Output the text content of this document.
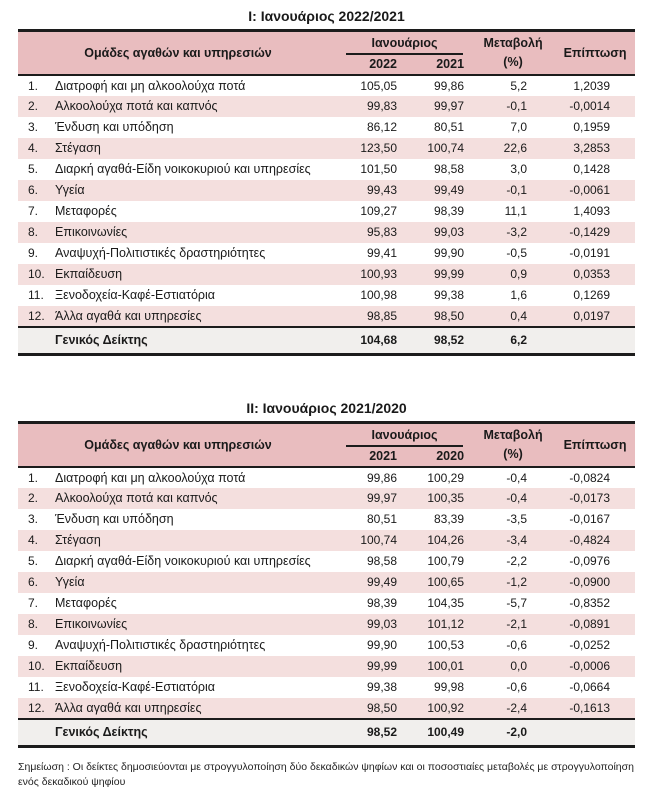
I: Ιανουάριος 2022/2021
Ομάδες αγαθών και υπηρεσιών		Ιανουάριος		Μεταβολή
(%)	Επίπτωση
		2022	2021		
1.	Διατροφή και μη αλκοολούχα ποτά	105,05	99,86	5,2	1,2039
2.	Αλκοολούχα ποτά και καπνός	99,83	99,97	-0,1	-0,0014
3.	Ένδυση και υπόδηση	86,12	80,51	7,0	0,1959
4.	Στέγαση	123,50	100,74	22,6	3,2853
5.	Διαρκή αγαθά-Είδη νοικοκυριού και υπηρεσίες	101,50	98,58	3,0	0,1428
6.	Υγεία	99,43	99,49	-0,1	-0,0061
7.	Μεταφορές	109,27	98,39	11,1	1,4093
8.	Επικοινωνίες	95,83	99,03	-3,2	-0,1429
9.	Αναψυχή-Πολιτιστικές δραστηριότητες	99,41	99,90	-0,5	-0,0191
10.	Εκπαίδευση	100,93	99,99	0,9	0,0353
11.	Ξενοδοχεία-Καφέ-Εστιατόρια	100,98	99,38	1,6	0,1269
12.	Άλλα αγαθά και υπηρεσίες	98,85	98,50	0,4	0,0197
	Γενικός Δείκτης	104,68	98,52	6,2	
II: Ιανουάριος 2021/2020
Ομάδες αγαθών και υπηρεσιών		Ιανουάριος		Μεταβολή
(%)	Επίπτωση
		2021	2020		
1.	Διατροφή και μη αλκοολούχα ποτά	99,86	100,29	-0,4	-0,0824
2.	Αλκοολούχα ποτά και καπνός	99,97	100,35	-0,4	-0,0173
3.	Ένδυση και υπόδηση	80,51	83,39	-3,5	-0,0167
4.	Στέγαση	100,74	104,26	-3,4	-0,4824
5.	Διαρκή αγαθά-Είδη νοικοκυριού και υπηρεσίες	98,58	100,79	-2,2	-0,0976
6.	Υγεία	99,49	100,65	-1,2	-0,0900
7.	Μεταφορές	98,39	104,35	-5,7	-0,8352
8.	Επικοινωνίες	99,03	101,12	-2,1	-0,0891
9.	Αναψυχή-Πολιτιστικές δραστηριότητες	99,90	100,53	-0,6	-0,0252
10.	Εκπαίδευση	99,99	100,01	0,0	-0,0006
11.	Ξενοδοχεία-Καφέ-Εστιατόρια	99,38	99,98	-0,6	-0,0664
12.	Άλλα αγαθά και υπηρεσίες	98,50	100,92	-2,4	-0,1613
	Γενικός Δείκτης	98,52	100,49	-2,0	
Σημείωση : Οι δείκτες δημοσιεύονται με στρογγυλοποίηση δύο δεκαδικών ψηφίων και οι ποσοστιαίες μεταβολές με στρογγυλοποίηση ενός δεκαδικού ψηφίου
